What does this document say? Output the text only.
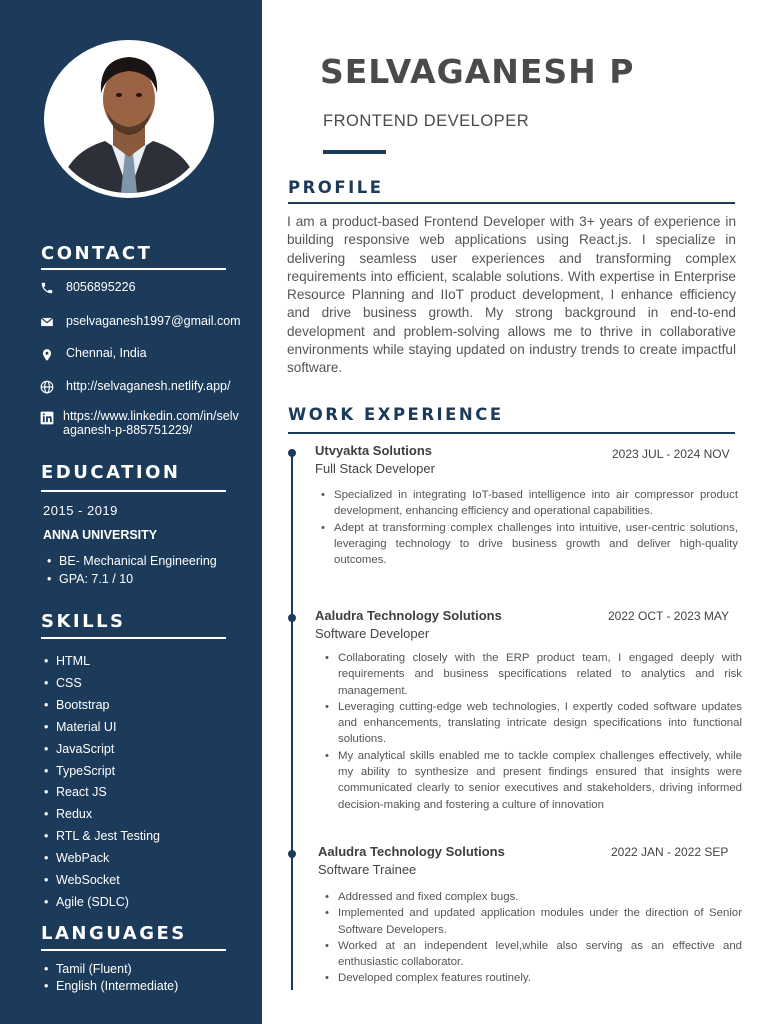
CONTACT
8056895226
pselvaganesh1997@gmail.com
Chennai, India
http://selvaganesh.netlify.app/
https://www.linkedin.com/in/selv
aganesh-p-885751229/
EDUCATION
2015 - 2019
ANNA UNIVERSITY
• BE- Mechanical Engineering
• GPA: 7.1 / 10
SKILLS
• HTML
• CSS
• Bootstrap
• Material UI
• JavaScript
• TypeScript
• React JS
• Redux
• RTL & Jest Testing
• WebPack
• WebSocket
• Agile (SDLC)
LANGUAGES
• Tamil (Fluent)
• English (Intermediate)
SELVAGANESH P
FRONTEND DEVELOPER
PROFILE
I am a product-based Frontend Developer with 3+ years of experience in building responsive web applications using React.js. I specialize in delivering seamless user experiences and transforming complex requirements into efficient, scalable solutions. With expertise in Enterprise Resource Planning and IIoT product development, I enhance efficiency and drive business growth. My strong background in end-to-end development and problem-solving allows me to thrive in collaborative environments while staying updated on industry trends to create impactful software.
WORK EXPERIENCE
Utvyakta Solutions	2023 JUL - 2024 NOV
Full Stack Developer
• Specialized in integrating IoT-based intelligence into air compressor product development, enhancing efficiency and operational capabilities.
• Adept at transforming complex challenges into intuitive, user-centric solutions, leveraging technology to drive business growth and deliver high-quality outcomes.
Aaludra Technology Solutions	2022 OCT - 2023 MAY
Software Developer
• Collaborating closely with the ERP product team, I engaged deeply with requirements and business specifications related to analytics and risk management.
• Leveraging cutting-edge web technologies, I expertly coded software updates and enhancements, translating intricate design specifications into functional solutions.
• My analytical skills enabled me to tackle complex challenges effectively, while my ability to synthesize and present findings ensured that insights were communicated clearly to senior executives and stakeholders, driving informed decision-making and fostering a culture of innovation
Aaludra Technology Solutions	2022 JAN - 2022 SEP
Software Trainee
• Addressed and fixed complex bugs.
• Implemented and updated application modules under the direction of Senior Software Developers.
• Worked at an independent level,while also serving as an effective and enthusiastic collaborator.
• Developed complex features routinely.
